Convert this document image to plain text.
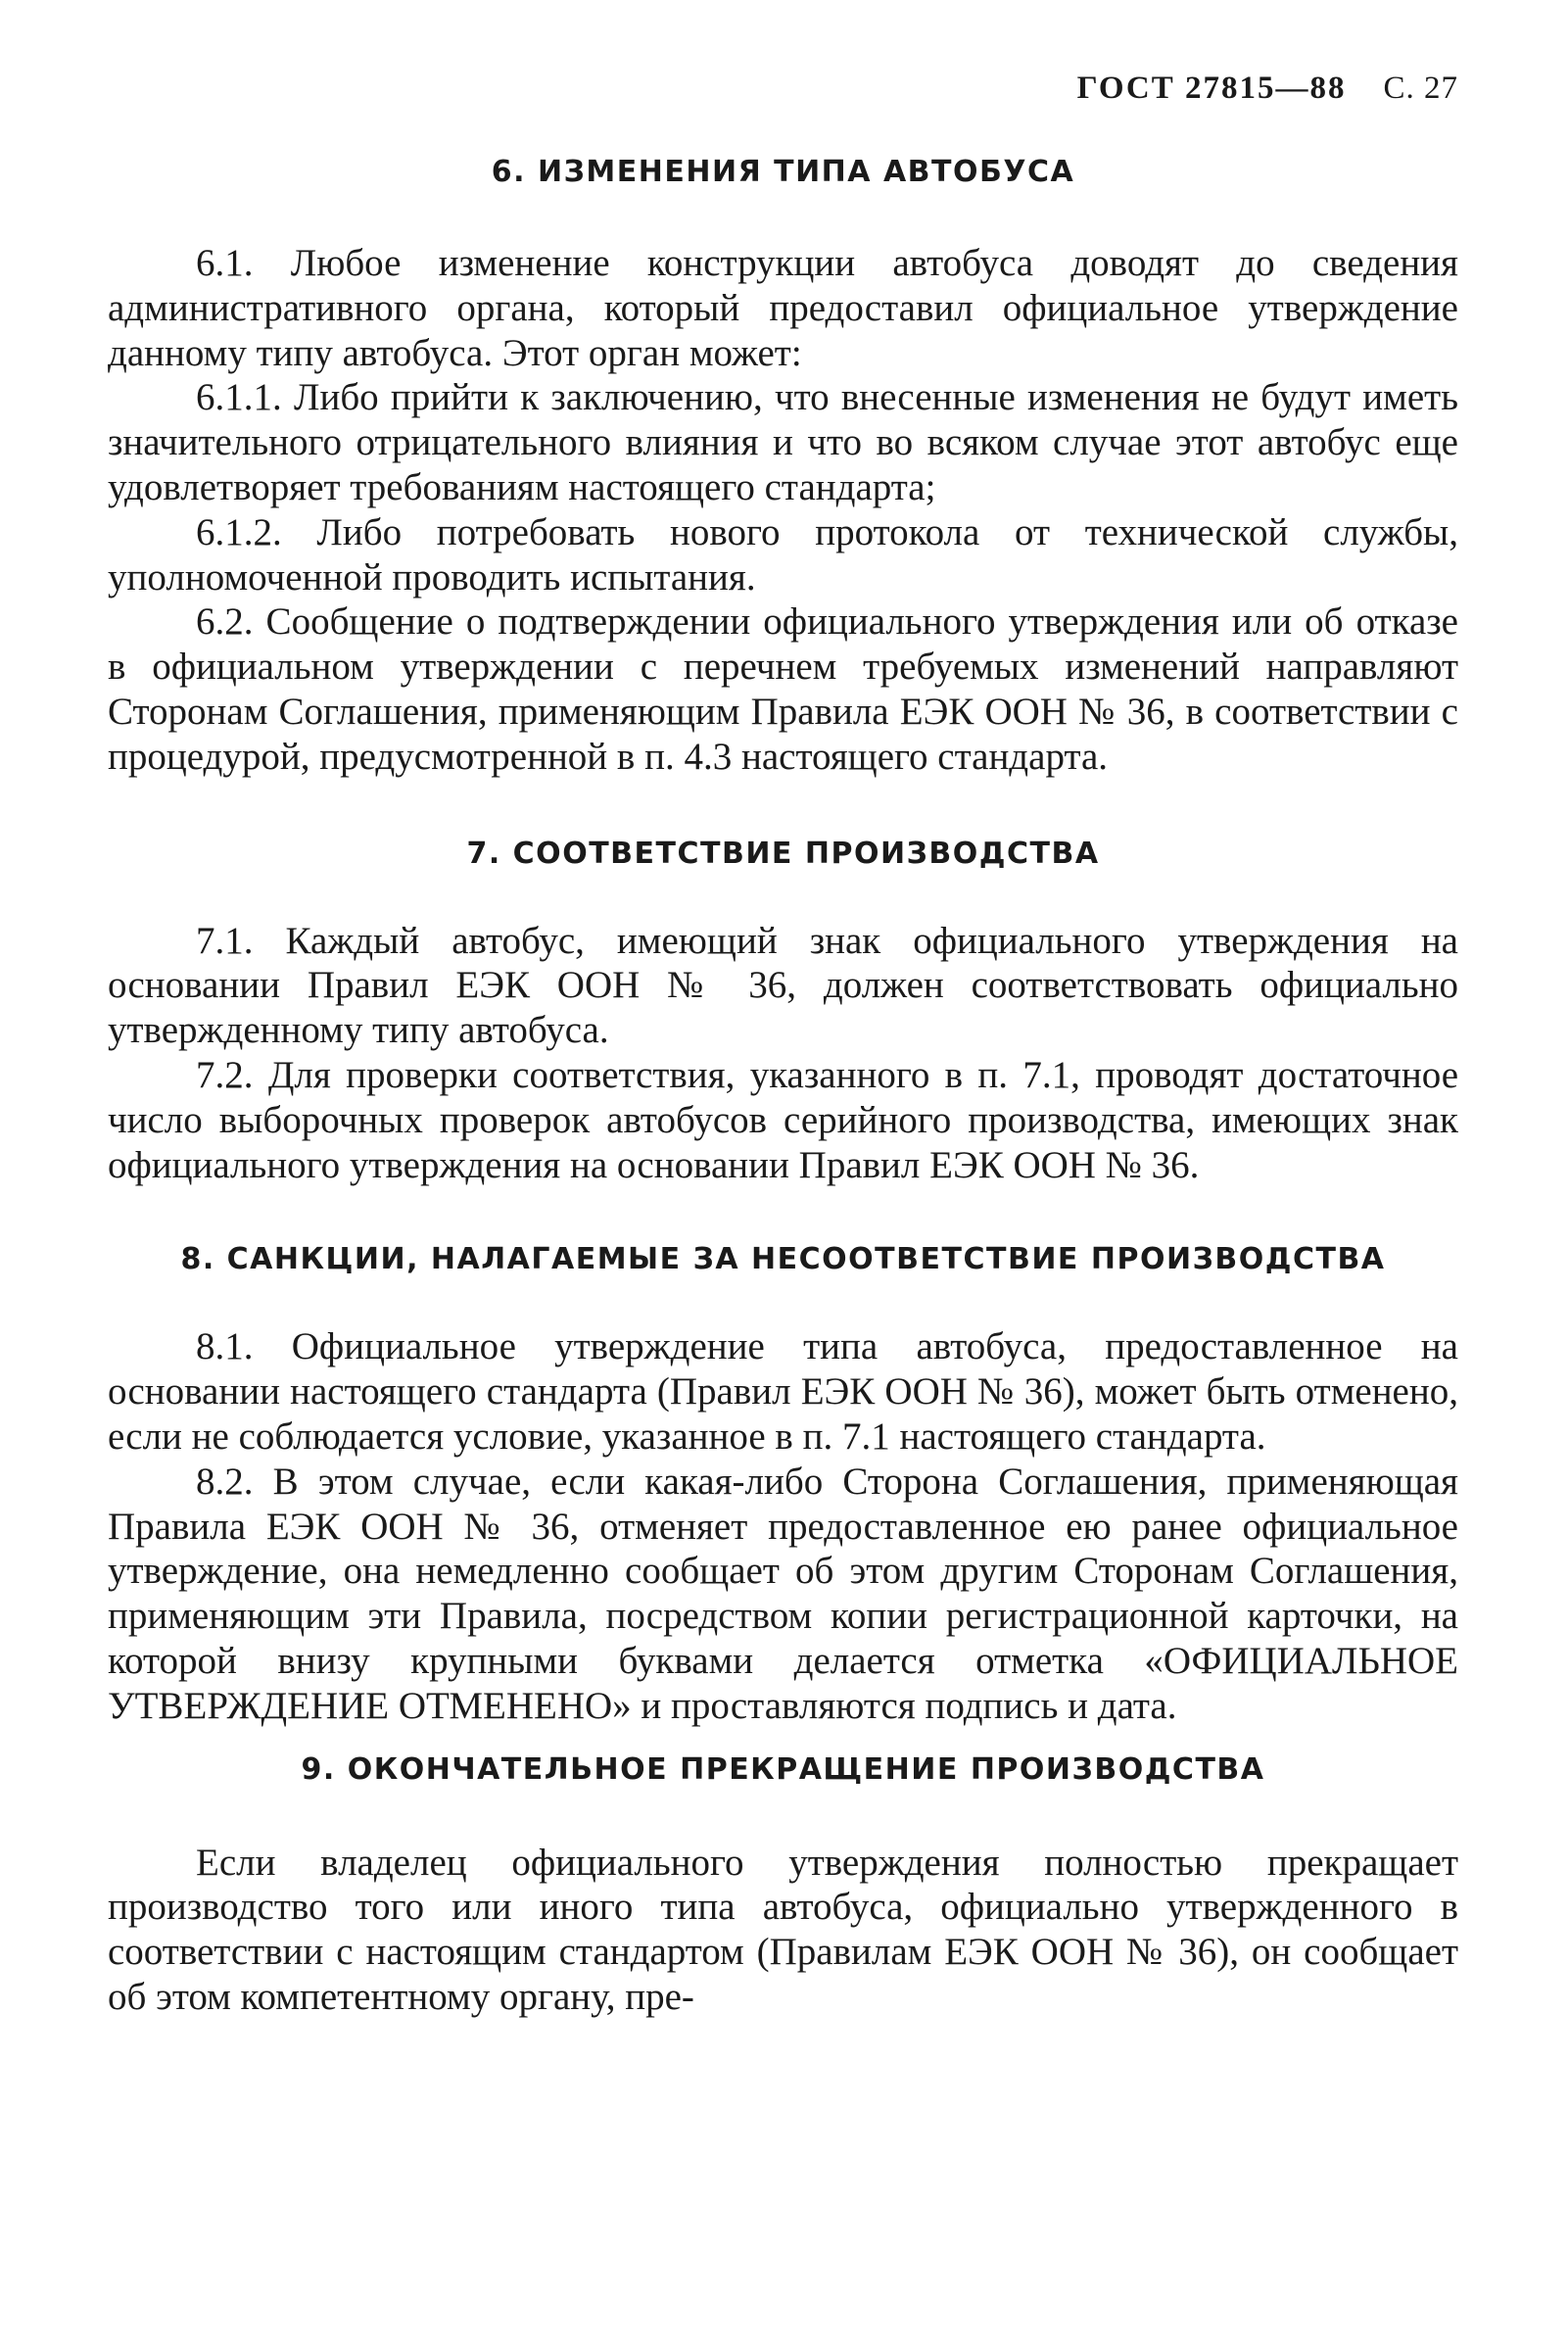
ГОСТ 27815—88 С. 27
6. ИЗМЕНЕНИЯ ТИПА АВТОБУСА

6.1. Любое изменение конструкции автобуса доводят до сведения административного органа, который предоставил официальное утверждение данному типу автобуса. Этот орган может:

6.1.1. Либо прийти к заключению, что внесенные изменения не будут иметь значительного отрицательного влияния и что во всяком случае этот автобус еще удовлетворяет требованиям настоящего стандарта;

6.1.2. Либо потребовать нового протокола от технической службы, уполномоченной проводить испытания.

6.2. Сообщение о подтверждении официального утверждения или об отказе в официальном утверждении с перечнем требуемых изменений направляют Сторонам Соглашения, применяющим Правила ЕЭК ООН № 36, в соответствии с процедурой, предусмотренной в п. 4.3 настоящего стандарта.

7. СООТВЕТСТВИЕ ПРОИЗВОДСТВА

7.1. Каждый автобус, имеющий знак официального утверждения на основании Правил ЕЭК ООН № 36, должен соответствовать официально утвержденному типу автобуса.

7.2. Для проверки соответствия, указанного в п. 7.1, проводят достаточное число выборочных проверок автобусов серийного производства, имеющих знак официального утверждения на основании Правил ЕЭК ООН № 36.

8. САНКЦИИ, НАЛАГАЕМЫЕ ЗА НЕСООТВЕТСТВИЕ ПРОИЗВОДСТВА

8.1. Официальное утверждение типа автобуса, предоставленное на основании настоящего стандарта (Правил ЕЭК ООН № 36), может быть отменено, если не соблюдается условие, указанное в п. 7.1 настоящего стандарта.

8.2. В этом случае, если какая-либо Сторона Соглашения, применяющая Правила ЕЭК ООН № 36, отменяет предоставленное ею ранее официальное утверждение, она немедленно сообщает об этом другим Сторонам Соглашения, применяющим эти Правила, посредством копии регистрационной карточки, на которой внизу крупными буквами делается отметка «ОФИЦИАЛЬНОЕ УТВЕРЖДЕНИЕ ОТМЕНЕНО» и проставляются подпись и дата.

9. ОКОНЧАТЕЛЬНОЕ ПРЕКРАЩЕНИЕ ПРОИЗВОДСТВА

Если владелец официального утверждения полностью прекращает производство того или иного типа автобуса, официально утвержденного в соответствии с настоящим стандартом (Правилам ЕЭК ООН № 36), он сообщает об этом компетентному органу, пре-
